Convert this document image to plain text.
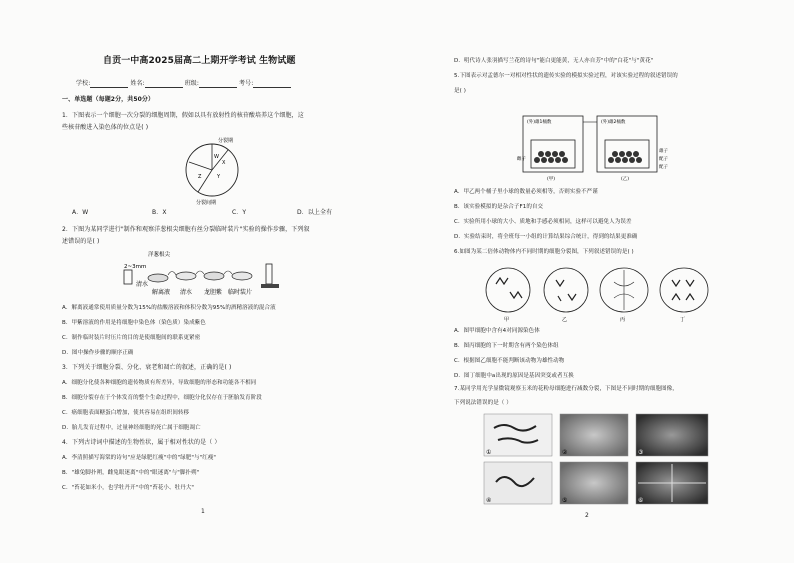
自贡一中高2025届高二上期开学考试 生物试题
学校:	姓名:	班级:	考号:
一、单选题（每题2分，共50分）
1．下图表示一个细胞一次分裂的细胞周期，假如以具有放射性的核苷酸培养这个细胞，这
些核苷酸进入染色体的位点是( )
分裂期
W
X
Y
Z
分裂间期
A．W	B．X	C．Y	D．以上全有
2．下图为某同学进行"制作和观察洋葱根尖细胞有丝分裂临时装片"实验的操作步骤，下列叙
述错误的是( )
洋葱根尖
2~3mm
清水
解离液 清水 龙胆紫 临时装片
A．解离液通常使用质量分数为15%的盐酸溶液和体积分数为95%的酒精溶液的混合液
B．甲紫溶液的作用是将细胞中染色体（染色质）染成紫色
C．制作临时装片时压片的目的是使细胞间的联系更紧密
D．图中操作步骤的顺序正确
3．下列关于细胞分裂、分化、衰老和凋亡的叙述，正确的是( )
A．细胞分化使各种细胞的遗传物质有所差异，导致细胞的形态和功能各不相同
B．细胞分裂存在于个体发育的整个生命过程中，细胞分化仅存在于胚胎发育阶段
C．癌细胞表面糖蛋白增加，使其容易在组织间转移
D．胎儿发育过程中，过量神经细胞的死亡属于细胞凋亡
4．下列古诗词中描述的生物性状，属于相对性状的是（ ）
A．李清照描写海棠的诗句"应是绿肥红瘦"中的"绿肥"与"红瘦"
B．"雄兔脚扑朔，雌兔眼迷离"中的"眼迷离"与"脚扑朔"
C．"苔花如米小，也学牡丹开"中的"苔花小、牡丹大"
1
D．明代诗人张羽描写兰花的诗句"能白更能黄，无人亦自芳"中的"白花"与"黄花"
5.下图表示对孟德尔一对相对性状的遗传实验的模拟实验过程，对该实验过程的叙述错误的
是( )
(外)雄1桶数	(外)雄2桶数
雌子
雄子
配子
配子
(甲)	(乙)
A．甲乙两个桶子里小球的数量必须相等，否则实验不严谨
B．该实验模拟的是杂合子F1的自交
C．实验所用小球的大小、质地和手感必须相同，这样可以避免人为误差
D．实验结束时，将全班每一小组的计算结果综合统计，得到的结果更准确
6.如图为某二倍体动物体内不同时期的细胞分裂图，下列叙述错误的是( )
甲	乙	丙	丁
A．图甲细胞中含有4对同源染色体
B．图丙细胞的下一时期含有两个染色体组
C．根据图乙细胞不能判断该动物为雄性动物
D．图丁细胞中a出现的原因是基因突变或者互换
7.某同学用光学显微镜观察玉米的花粉母细胞进行减数分裂，下图是不同时期的细胞图像，
下列说法错误的是（ ）
①	②	③
④	⑤	⑥
2
